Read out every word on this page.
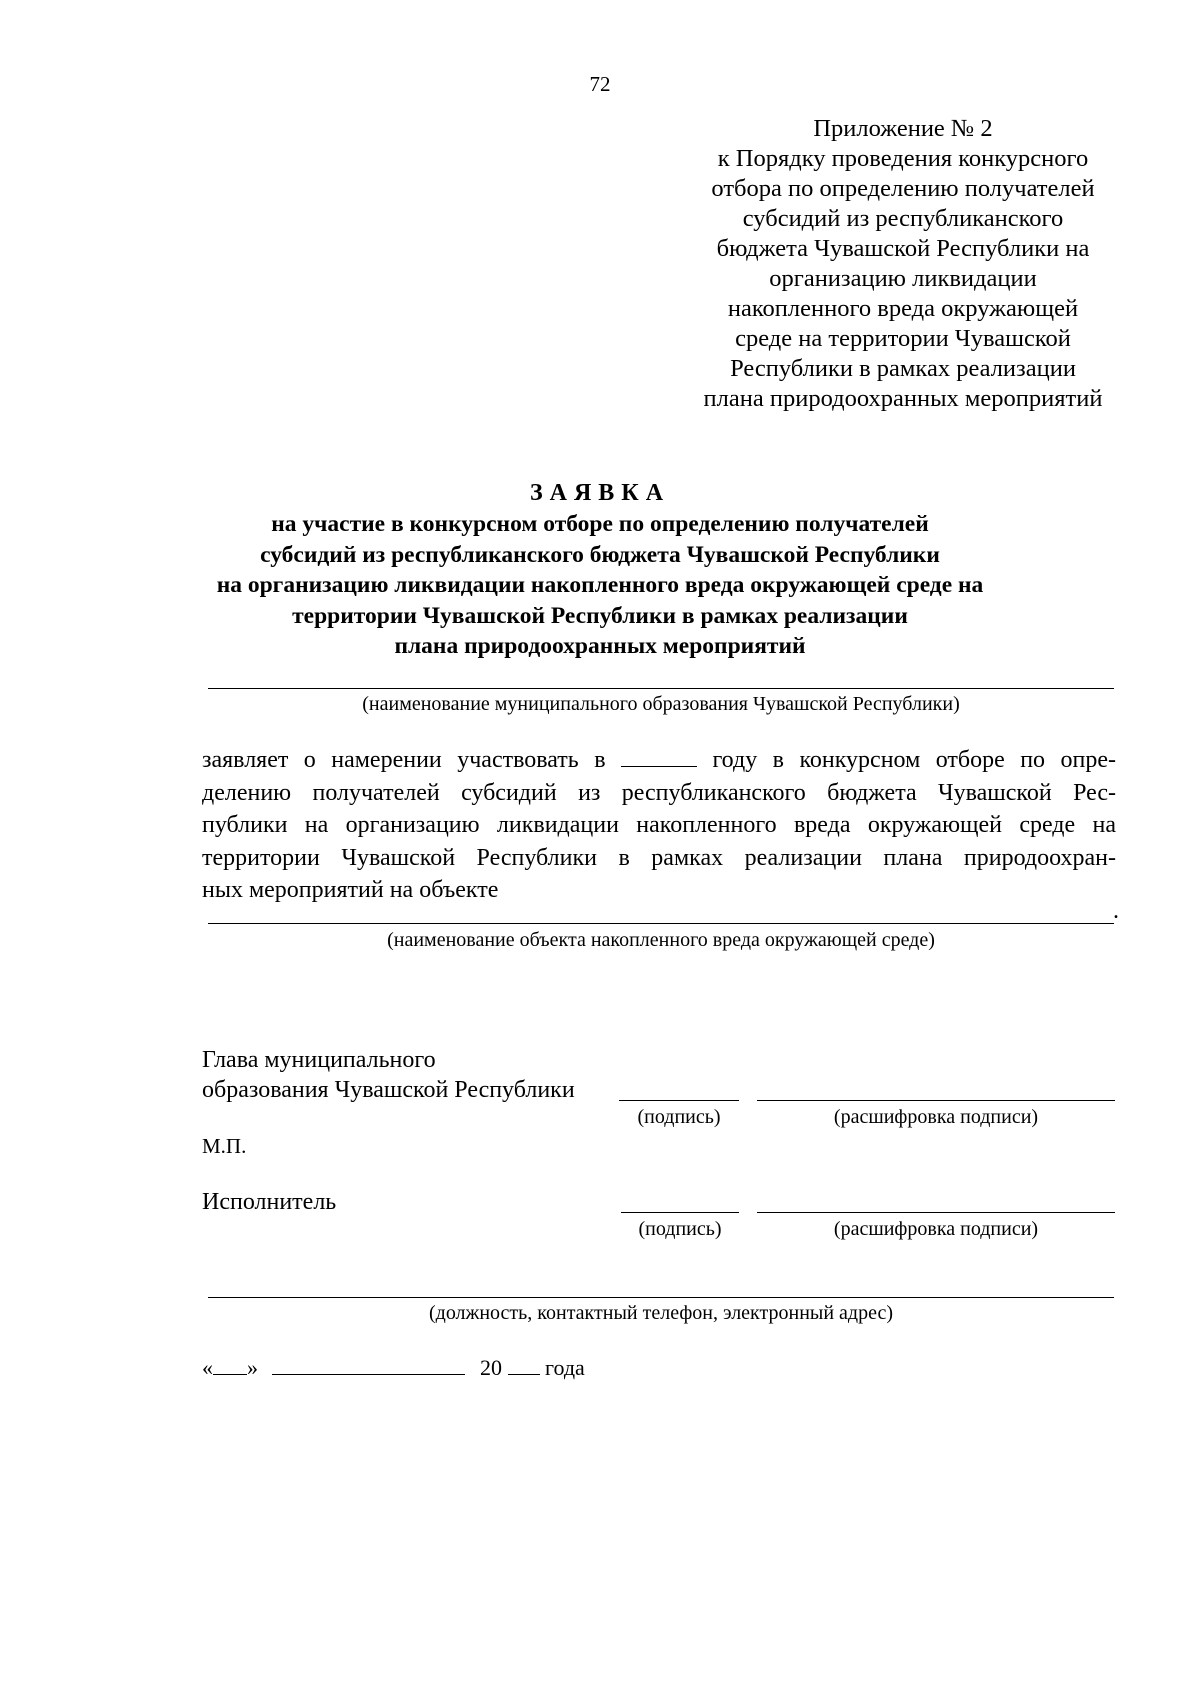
72
Приложение № 2
к Порядку проведения конкурсного
отбора по определению получателей
субсидий из республиканского
бюджета Чувашской Республики на
организацию ликвидации
накопленного вреда окружающей
среде на территории Чувашской
Республики в рамках реализации
плана природоохранных мероприятий
ЗАЯВКА
на участие в конкурсном отборе по определению получателей
субсидий из республиканского бюджета Чувашской Республики
на организацию ликвидации накопленного вреда окружающей среде на
территории Чувашской Республики в рамках реализации
плана природоохранных мероприятий
(наименование муниципального образования Чувашской Республики)
заявляет о намерении участвовать в	году в конкурсном отборе по опре-
делению получателей субсидий из республиканского бюджета Чувашской Рес-
публики на организацию ликвидации накопленного вреда окружающей среде на
территории Чувашской Республики в рамках реализации плана природоохран-
ных мероприятий на объекте
.
(наименование объекта накопленного вреда окружающей среде)
Глава муниципального
образования Чувашской Республики
(подпись)	(расшифровка подписи)
М.П.
Исполнитель
(подпись)	(расшифровка подписи)
(должность, контактный телефон, электронный адрес)
« »	20 года
